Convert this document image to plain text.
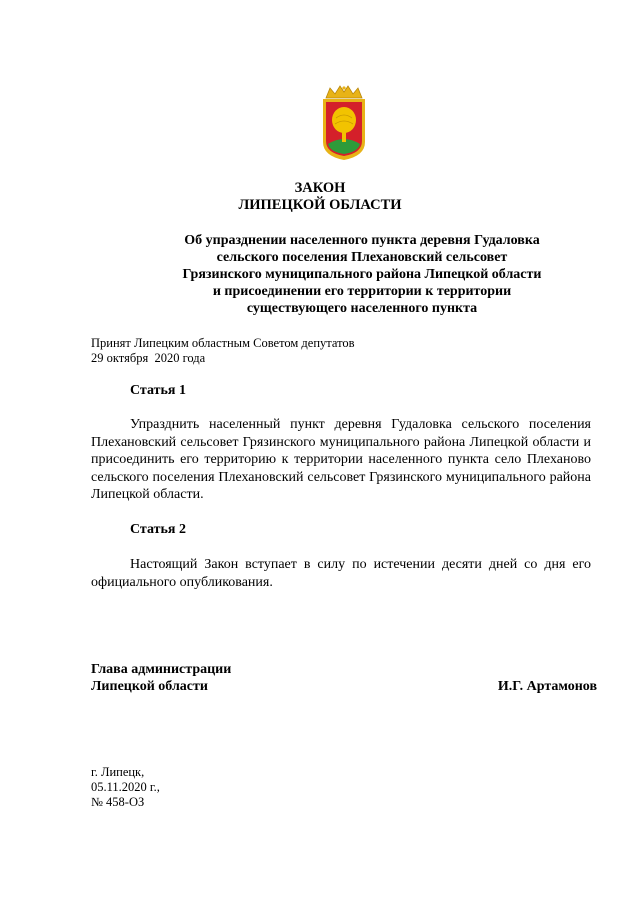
ЗАКОН
ЛИПЕЦКОЙ ОБЛАСТИ
Об упразднении населенного пункта деревня Гудаловка
сельского поселения Плехановский сельсовет
Грязинского муниципального района Липецкой области
и присоединении его территории к территории
существующего населенного пункта
Принят Липецким областным Советом депутатов
29 октября  2020 года
Статья 1
Упразднить населенный пункт деревня Гудаловка сельского поселения Плехановский сельсовет Грязинского муниципального района Липецкой области и присоединить его территорию к территории населенного пункта село Плеханово сельского поселения Плехановский сельсовет Грязинского муниципального района Липецкой области.
Статья 2
Настоящий Закон вступает в силу по истечении десяти дней со дня его официального опубликования.
Глава администрации
Липецкой области	И.Г. Артамонов
г. Липецк,
05.11.2020 г.,
№ 458-ОЗ
